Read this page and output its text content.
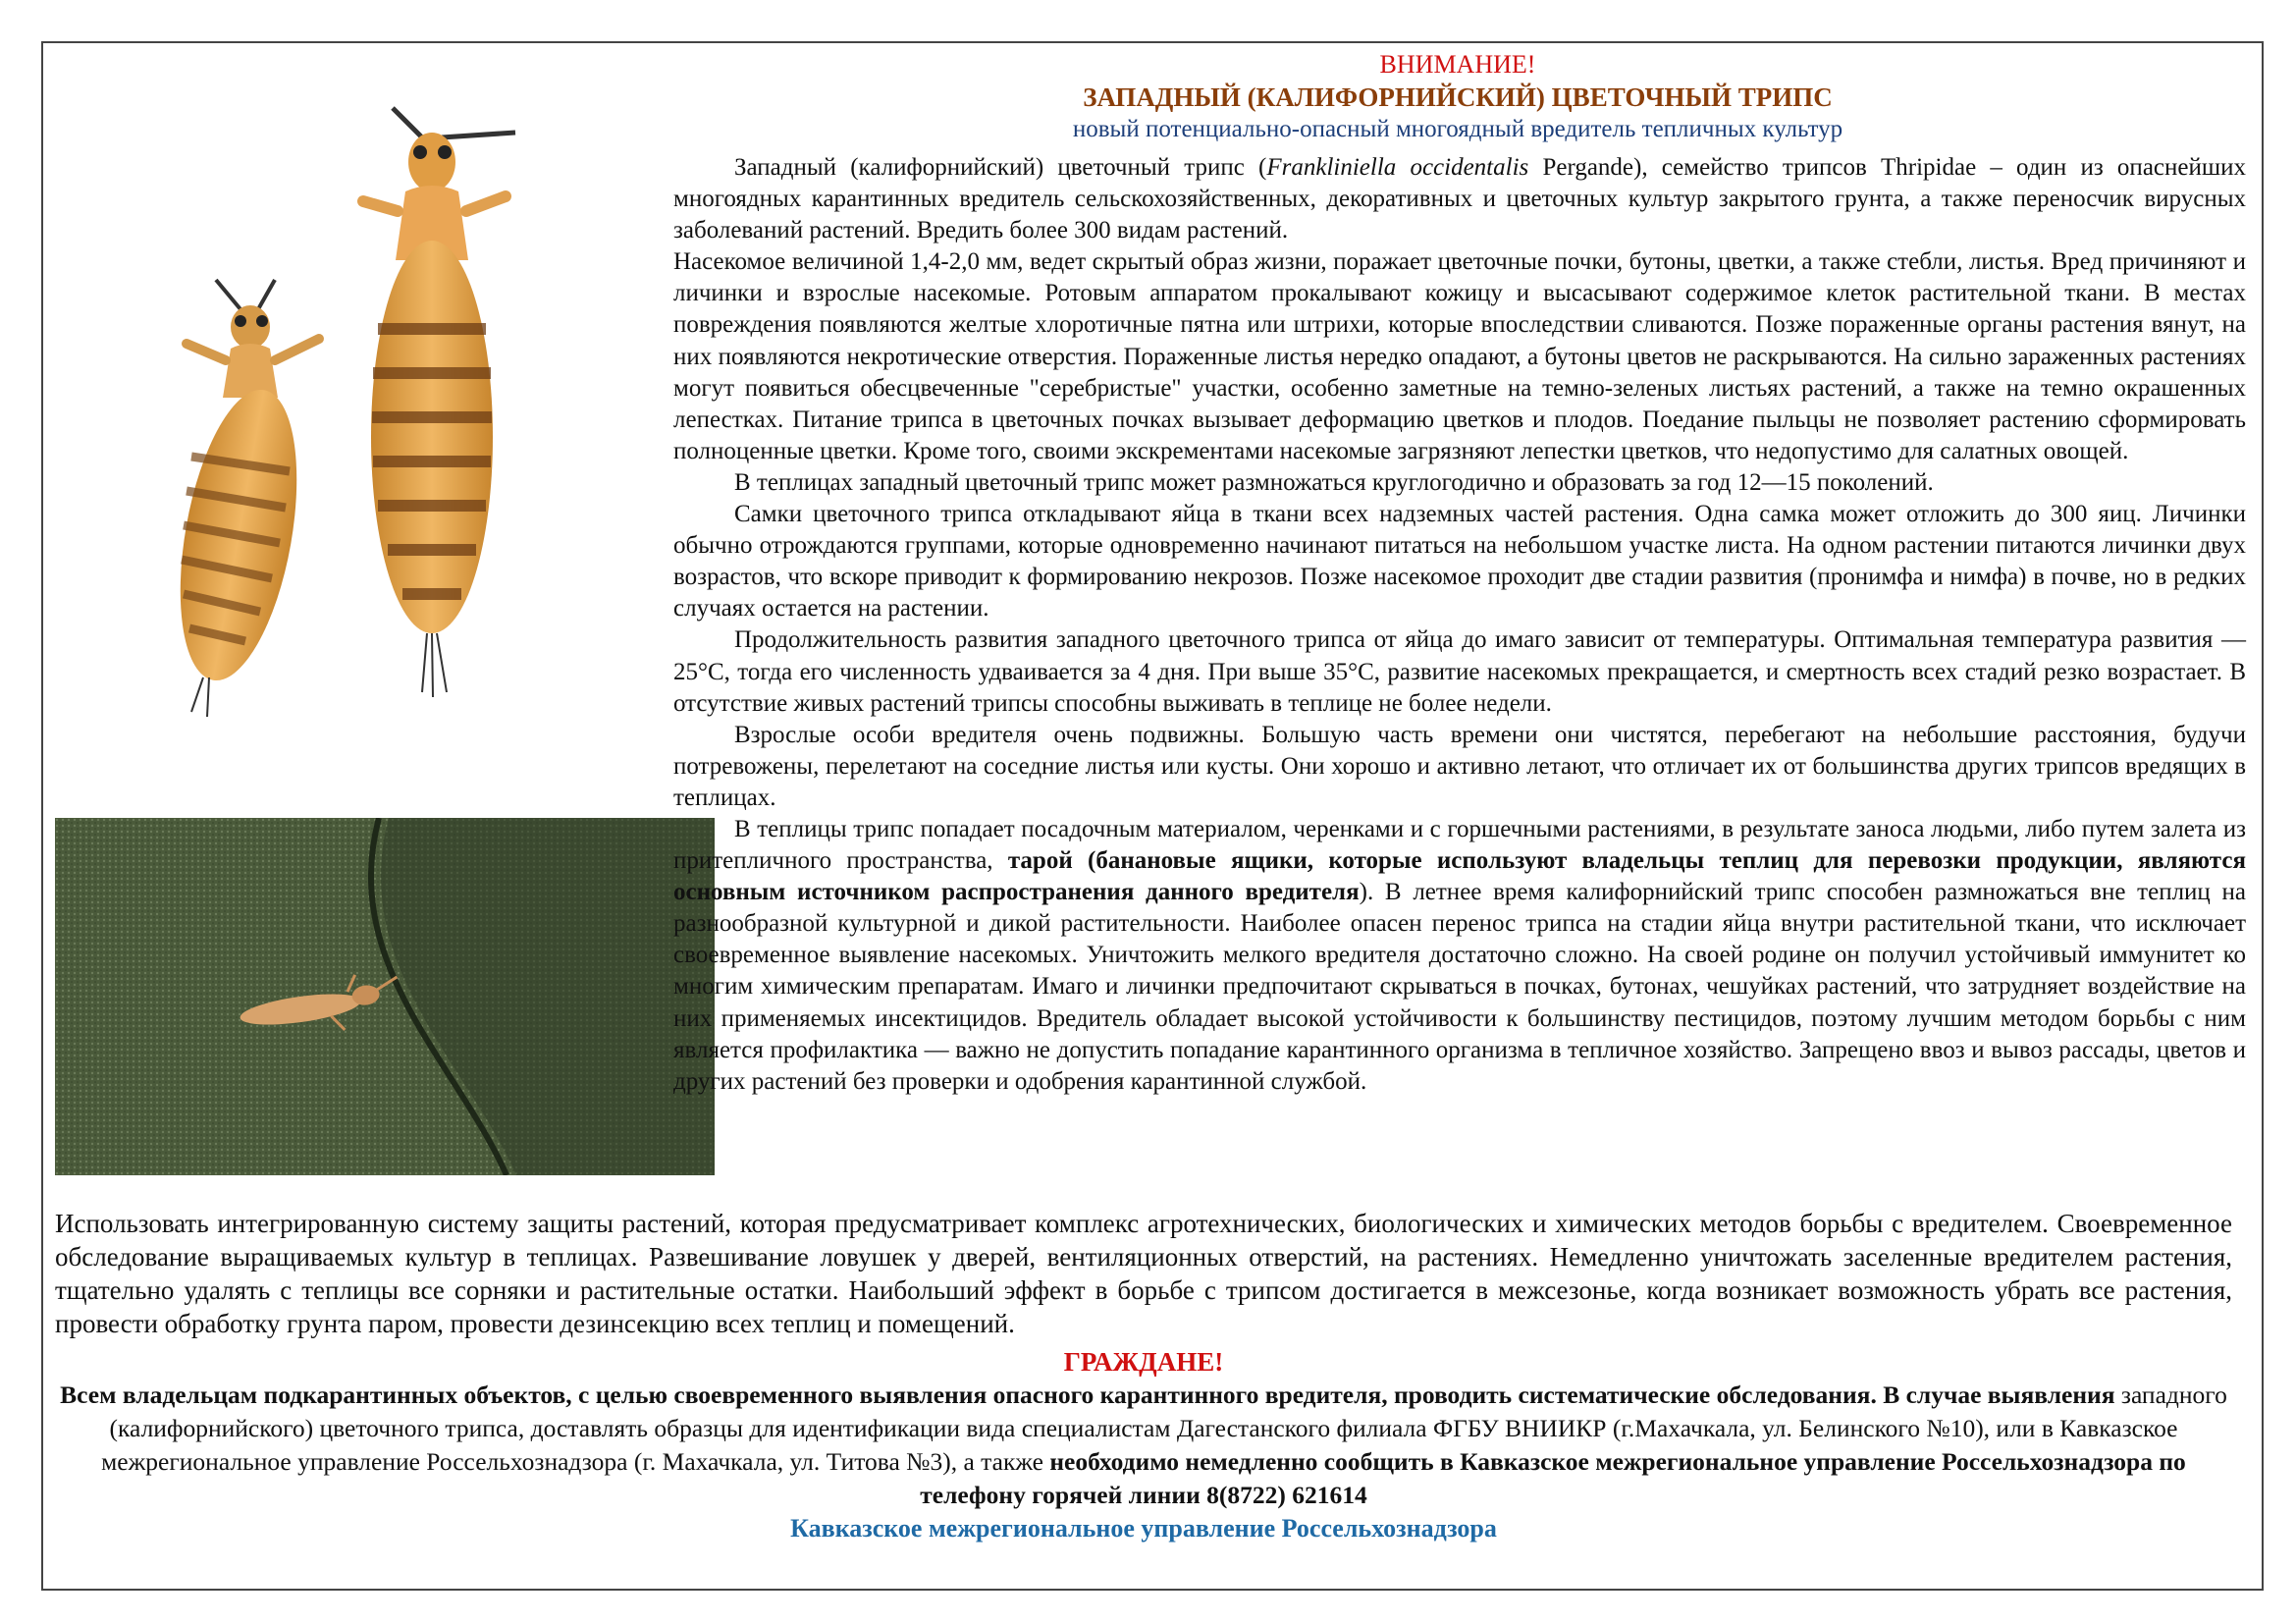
ВНИМАНИЕ!
ЗАПАДНЫЙ (КАЛИФОРНИЙСКИЙ) ЦВЕТОЧНЫЙ ТРИПС
новый потенциально-опасный многоядный вредитель тепличных культур

Западный (калифорнийский) цветочный трипс (Frankliniella occidentalis Pergande), семейство трипсов Thripidae – один из опаснейших многоядных карантинных вредитель сельскохозяйственных, декоративных и цветочных культур закрытого грунта, а также переносчик вирусных заболеваний растений. Вредить более 300 видам растений.

Насекомое величиной 1,4-2,0 мм, ведет скрытый образ жизни, поражает цветочные почки, бутоны, цветки, а также стебли, листья. Вред причиняют и личинки и взрослые насекомые. Ротовым аппаратом прокалывают кожицу и высасывают содержимое клеток растительной ткани. В местах повреждения появляются желтые хлоротичные пятна или штрихи, которые впоследствии сливаются. Позже пораженные органы растения вянут, на них появляются некротические отверстия. Пораженные листья нередко опадают, а бутоны цветов не раскрываются. На сильно зараженных растениях могут появиться обесцвеченные "серебристые" участки, особенно заметные на темно-зеленых листьях растений, а также на темно окрашенных лепестках. Питание трипса в цветочных почках вызывает деформацию цветков и плодов. Поедание пыльцы не позволяет растению сформировать полноценные цветки. Кроме того, своими экскрементами насекомые загрязняют лепестки цветков, что недопустимо для салатных овощей.

В теплицах западный цветочный трипс может размножаться круглогодично и образовать за год 12—15 поколений.

Самки цветочного трипса откладывают яйца в ткани всех надземных частей растения. Одна самка может отложить до 300 яиц. Личинки обычно отрождаются группами, которые одновременно начинают питаться на небольшом участке листа. На одном растении питаются личинки двух возрастов, что вскоре приводит к формированию некрозов. Позже насекомое проходит две стадии развития (пронимфа и нимфа) в почве, но в редких случаях остается на растении.

Продолжительность развития западного цветочного трипса от яйца до имаго зависит от температуры. Оптимальная температура развития — 25°C, тогда его численность удваивается за 4 дня. При выше 35°C, развитие насекомых прекращается, и смертность всех стадий резко возрастает. В отсутствие живых растений трипсы способны выживать в теплице не более недели.

Взрослые особи вредителя очень подвижны. Большую часть времени они чистятся, перебегают на небольшие расстояния, будучи потревожены, перелетают на соседние листья или кусты. Они хорошо и активно летают, что отличает их от большинства других трипсов вредящих в теплицах.

В теплицы трипс попадает посадочным материалом, черенками и с горшечными растениями, в результате заноса людьми, либо путем залета из притепличного пространства, тарой (банановые ящики, которые используют владельцы теплиц для перевозки продукции, являются основным источником распространения данного вредителя). В летнее время калифорнийский трипс способен размножаться вне теплиц на разнообразной культурной и дикой растительности. Наиболее опасен перенос трипса на стадии яйца внутри растительной ткани, что исключает своевременное выявление насекомых. Уничтожить мелкого вредителя достаточно сложно. На своей родине он получил устойчивый иммунитет ко многим химическим препаратам. Имаго и личинки предпочитают скрываться в почках, бутонах, чешуйках растений, что затрудняет воздействие на них применяемых инсектицидов. Вредитель обладает высокой устойчивости к большинству пестицидов, поэтому лучшим методом борьбы с ним является профилактика — важно не допустить попадание карантинного организма в тепличное хозяйство. Запрещено ввоз и вывоз рассады, цветов и других растений без проверки и одобрения карантинной службой.

Использовать интегрированную систему защиты растений, которая предусматривает комплекс агротехнических, биологических и химических методов борьбы с вредителем. Своевременное обследование выращиваемых культур в теплицах. Развешивание ловушек у дверей, вентиляционных отверстий, на растениях. Немедленно уничтожать заселенные вредителем растения, тщательно удалять с теплицы все сорняки и растительные остатки. Наибольший эффект в борьбе с трипсом достигается в межсезонье, когда возникает возможность убрать все растения, провести обработку грунта паром, провести дезинсекцию всех теплиц и помещений.

ГРАЖДАНЕ!
Всем владельцам подкарантинных объектов, с целью своевременного выявления опасного карантинного вредителя, проводить систематические обследования. В случае выявления западного (калифорнийского) цветочного трипса, доставлять образцы для идентификации вида специалистам Дагестанского филиала ФГБУ ВНИИКР (г.Махачкала, ул. Белинского №10), или в Кавказское межрегиональное управление Россельхознадзора (г. Махачкала, ул. Титова №3), а также необходимо немедленно сообщить в Кавказское межрегиональное управление Россельхознадзора по телефону горячей линии 8(8722) 621614
Кавказское межрегиональное управление Россельхознадзора
